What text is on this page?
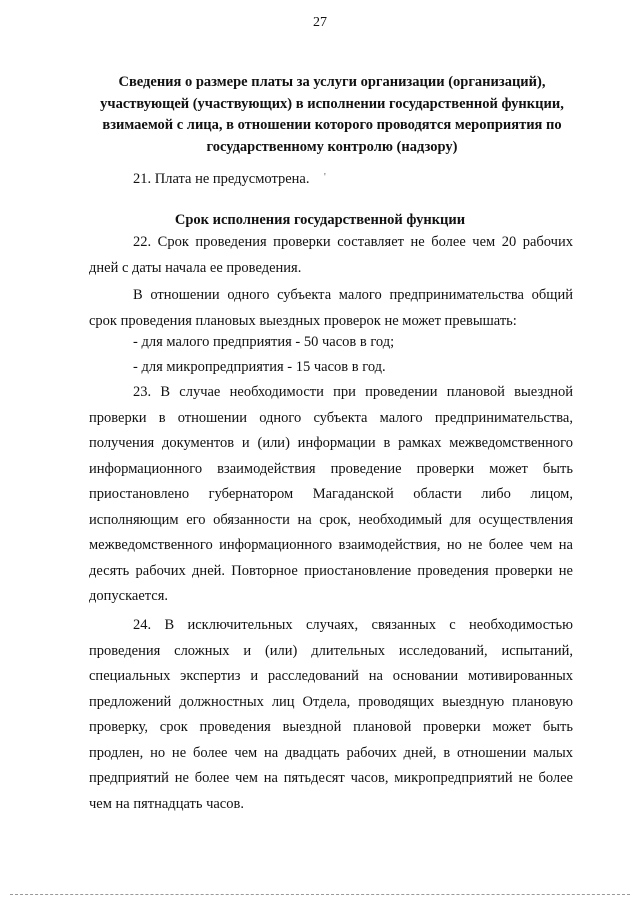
27
Сведения о размере платы за услуги организации (организаций), участвующей (участвующих) в исполнении государственной функции, взимаемой с лица, в отношении которого проводятся мероприятия по государственному контролю (надзору)
21. Плата не предусмотрена.	'
Срок исполнения государственной функции
22. Срок проведения проверки составляет не более чем 20 рабочих дней с даты начала ее проведения.
В отношении одного субъекта малого предпринимательства общий срок проведения плановых выездных проверок не может превышать:
- для малого предприятия - 50 часов в год;
- для микропредприятия - 15 часов в год.
23. В случае необходимости при проведении плановой выездной проверки в отношении одного субъекта малого предпринимательства, получения документов и (или) информации в рамках межведомственного информационного взаимодействия проведение проверки может быть приостановлено губернатором Магаданской области либо лицом, исполняющим его обязанности на срок, необходимый для осуществления межведомственного информационного взаимодействия, но не более чем на десять рабочих дней. Повторное приостановление проведения проверки не допускается.
24. В исключительных случаях, связанных с необходимостью проведения сложных и (или) длительных исследований, испытаний, специальных экспертиз и расследований на основании мотивированных предложений должностных лиц Отдела, проводящих выездную плановую проверку, срок проведения выездной плановой проверки может быть продлен, но не более чем на двадцать рабочих дней, в отношении малых предприятий не более чем на пятьдесят часов, микропредприятий не более чем на пятнадцать часов.
